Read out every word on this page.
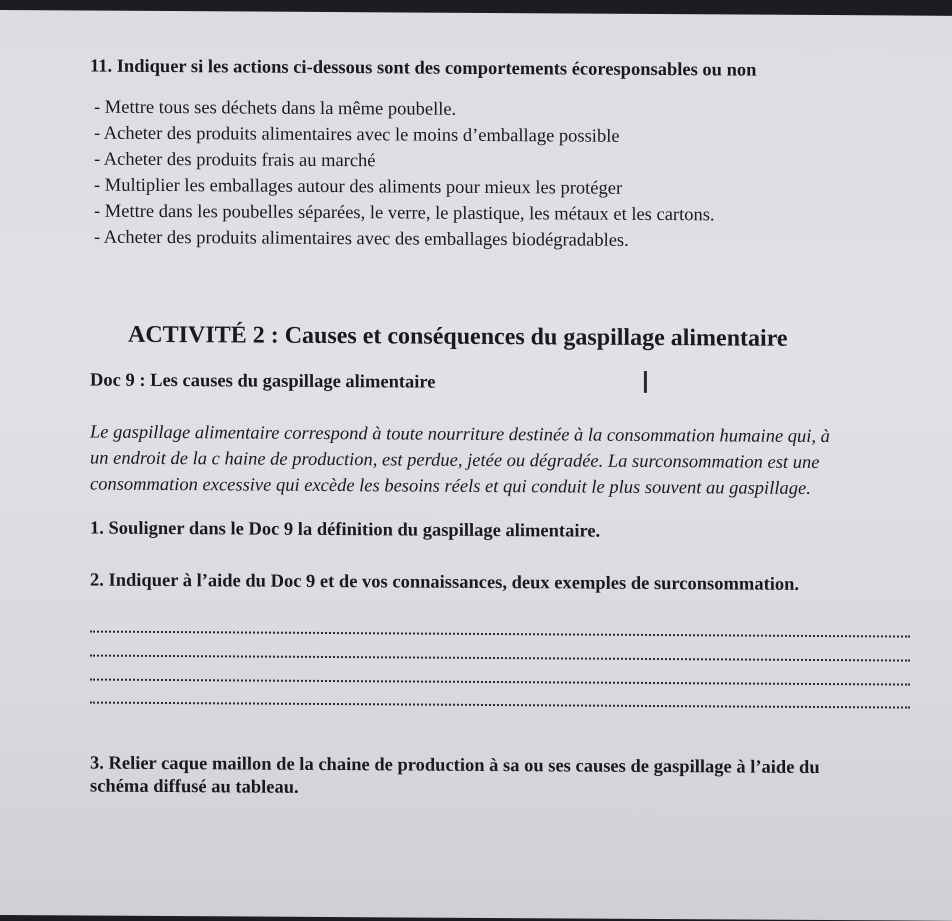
11. Indiquer si les actions ci-dessous sont des comportements écoresponsables ou non
- Mettre tous ses déchets dans la même poubelle.
- Acheter des produits alimentaires avec le moins d’emballage possible
- Acheter des produits frais au marché
- Multiplier les emballages autour des aliments pour mieux les protéger
- Mettre dans les poubelles séparées, le verre, le plastique, les métaux et les cartons.
- Acheter des produits alimentaires avec des emballages biodégradables.
ACTIVITÉ 2 : Causes et conséquences du gaspillage alimentaire
Doc 9 : Les causes du gaspillage alimentaire	I
Le gaspillage alimentaire correspond à toute nourriture destinée à la consommation humaine qui, à
un endroit de la c haine de production, est perdue, jetée ou dégradée. La surconsommation est une
consommation excessive qui excède les besoins réels et qui conduit le plus souvent au gaspillage.
1. Souligner dans le Doc 9 la définition du gaspillage alimentaire.
2. Indiquer à l’aide du Doc 9 et de vos connaissances, deux exemples de surconsommation.
3. Relier caque maillon de la chaine de production à sa ou ses causes de gaspillage à l’aide du
schéma diffusé au tableau.
